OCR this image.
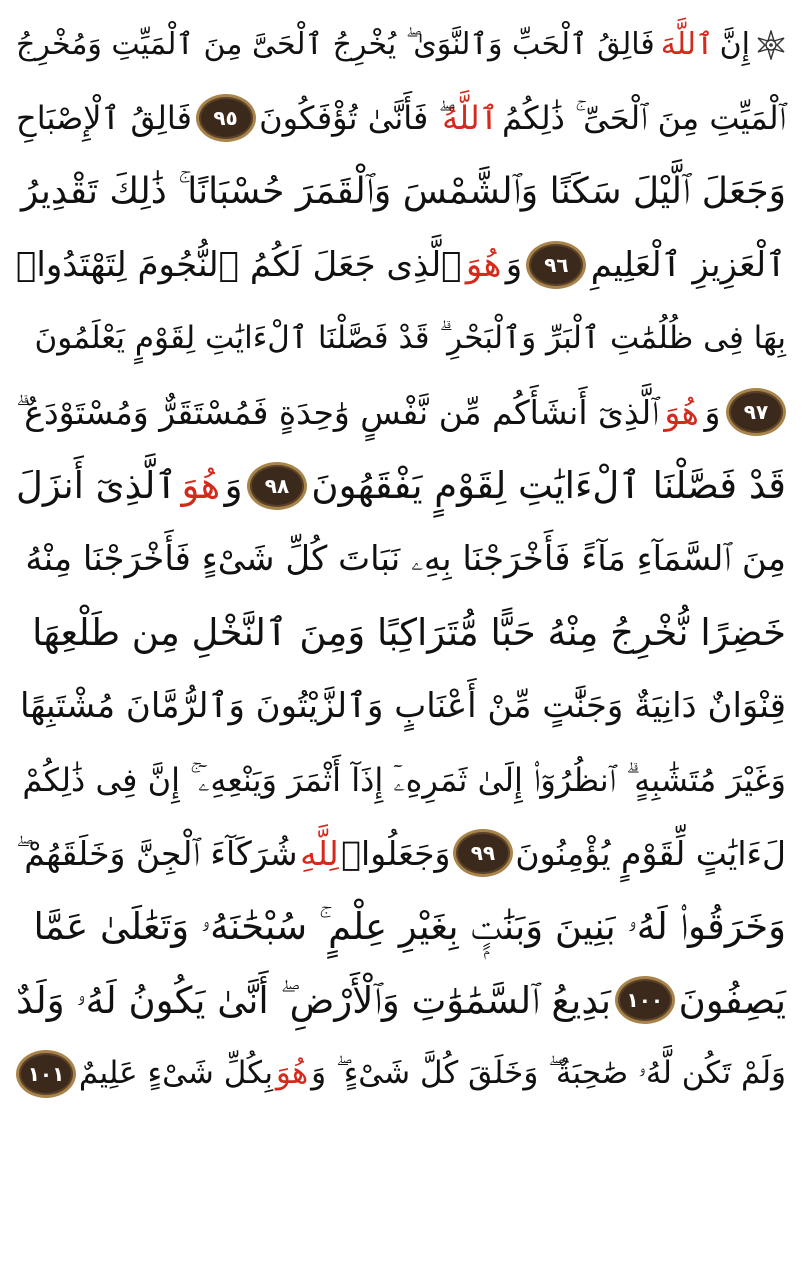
إِنَّ
ٱللَّهَ
فَالِقُ ٱلْحَبِّ وَٱلنَّوَىٰ ۖ يُخْرِجُ ٱلْحَىَّ مِنَ ٱلْمَيِّتِ وَمُخْرِجُ
ٱلْمَيِّتِ مِنَ ٱلْحَىِّ ۚ ذَٰلِكُمُ
ٱللَّهُ
ۖ فَأَنَّىٰ تُؤْفَكُونَ
٩٥
فَالِقُ ٱلْإِصْبَاحِ
وَجَعَلَ ٱلَّيْلَ سَكَنًا وَٱلشَّمْسَ وَٱلْقَمَرَ حُسْبَانًا ۚ ذَٰلِكَ تَقْدِيرُ
ٱلْعَزِيزِ ٱلْعَلِيمِ
٩٦
وَ
هُوَ
ٱلَّذِى جَعَلَ لَكُمُ ٱلنُّجُومَ لِتَهْتَدُوا۟
بِهَا فِى ظُلُمَٰتِ ٱلْبَرِّ وَٱلْبَحْرِ ۗ قَدْ فَصَّلْنَا ٱلْءَايَٰتِ لِقَوْمٍ يَعْلَمُونَ
٩٧
وَ
هُوَ
ٱلَّذِىٓ أَنشَأَكُم مِّن نَّفْسٍ وَٰحِدَةٍ فَمُسْتَقَرٌّ وَمُسْتَوْدَعٌ ۗ
قَدْ فَصَّلْنَا ٱلْءَايَٰتِ لِقَوْمٍ يَفْقَهُونَ
٩٨
وَ
هُوَ
ٱلَّذِىٓ أَنزَلَ
مِنَ ٱلسَّمَآءِ مَآءً فَأَخْرَجْنَا بِهِۦ نَبَاتَ كُلِّ شَىْءٍ فَأَخْرَجْنَا مِنْهُ
خَضِرًا نُّخْرِجُ مِنْهُ حَبًّا مُّتَرَاكِبًا وَمِنَ ٱلنَّخْلِ مِن طَلْعِهَا
قِنْوَانٌ دَانِيَةٌ وَجَنَّٰتٍ مِّنْ أَعْنَابٍ وَٱلزَّيْتُونَ وَٱلرُّمَّانَ مُشْتَبِهًا
وَغَيْرَ مُتَشَٰبِهٍ ۗ ٱنظُرُوٓا۟ إِلَىٰ ثَمَرِهِۦٓ إِذَآ أَثْمَرَ وَيَنْعِهِۦٓ ۚ إِنَّ فِى ذَٰلِكُمْ
لَءَايَٰتٍ لِّقَوْمٍ يُؤْمِنُونَ
٩٩
وَجَعَلُوا۟
لِلَّهِ
شُرَكَآءَ ٱلْجِنَّ وَخَلَقَهُمْ ۖ
وَخَرَقُوا۟ لَهُۥ بَنِينَ وَبَنَٰتٍۭ بِغَيْرِ عِلْمٍ ۚ سُبْحَٰنَهُۥ وَتَعَٰلَىٰ عَمَّا
يَصِفُونَ
١٠٠
بَدِيعُ ٱلسَّمَٰوَٰتِ وَٱلْأَرْضِ ۖ أَنَّىٰ يَكُونُ لَهُۥ وَلَدٌ
وَلَمْ تَكُن لَّهُۥ صَٰحِبَةٌ ۖ وَخَلَقَ كُلَّ شَىْءٍ ۖ وَ
هُوَ
بِكُلِّ شَىْءٍ عَلِيمٌ
١٠١
